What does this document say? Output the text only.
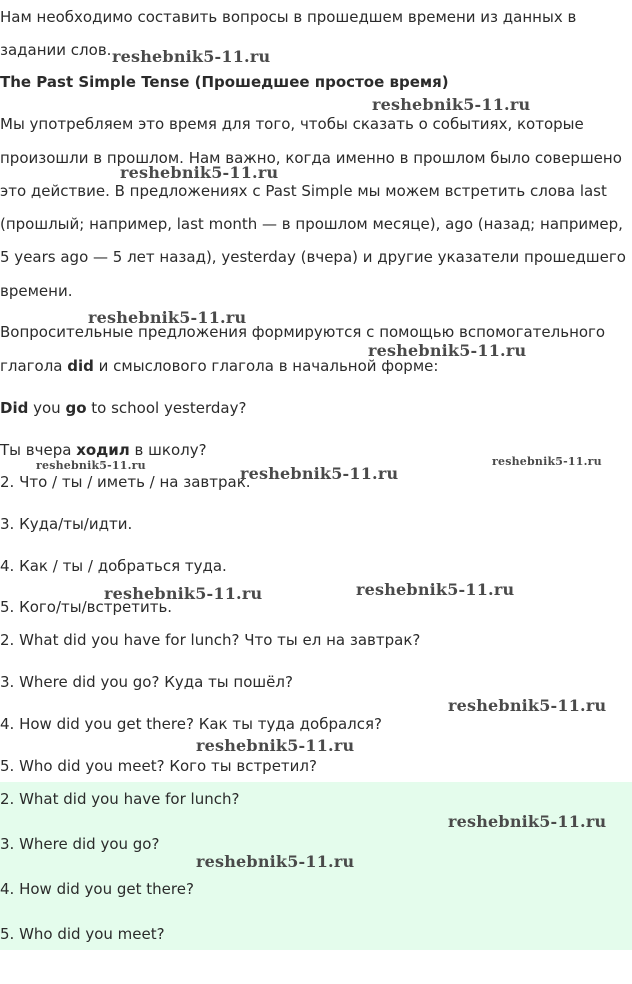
Нам необходимо составить вопросы в прошедшем времени из данных в
задании слов.
The Past Simple Tense (Прошедшее простое время)
Мы употребляем это время для того, чтобы сказать о событиях, которые
произошли в прошлом. Нам важно, когда именно в прошлом было совершено
это действие. В предложениях с Past Simple мы можем встретить слова last
(прошлый; например, last month — в прошлом месяце), ago (назад; например,
5 years ago — 5 лет назад), yesterday (вчера) и другие указатели прошедшего
времени.
Вопросительные предложения формируются с помощью вспомогательного
глагола did и смыслового глагола в начальной форме:
Did you go to school yesterday?
Ты вчера ходил в школу?
2. Что / ты / иметь / на завтрак.
3. Куда/ты/идти.
4. Как / ты / добраться туда.
5. Кого/ты/встретить.
2. What did you have for lunch? Что ты ел на завтрак?
3. Where did you go? Куда ты пошёл?
4. How did you get there? Как ты туда добрался?
5. Who did you meet? Кого ты встретил?
2. What did you have for lunch?
3. Where did you go?
4. How did you get there?
5. Who did you meet?
reshebnik5-11.ru
reshebnik5-11.ru
reshebnik5-11.ru
reshebnik5-11.ru
reshebnik5-11.ru
reshebnik5-11.ru	reshebnik5-11.ru
reshebnik5-11.ru
reshebnik5-11.ru	reshebnik5-11.ru
reshebnik5-11.ru
reshebnik5-11.ru
reshebnik5-11.ru
reshebnik5-11.ru
